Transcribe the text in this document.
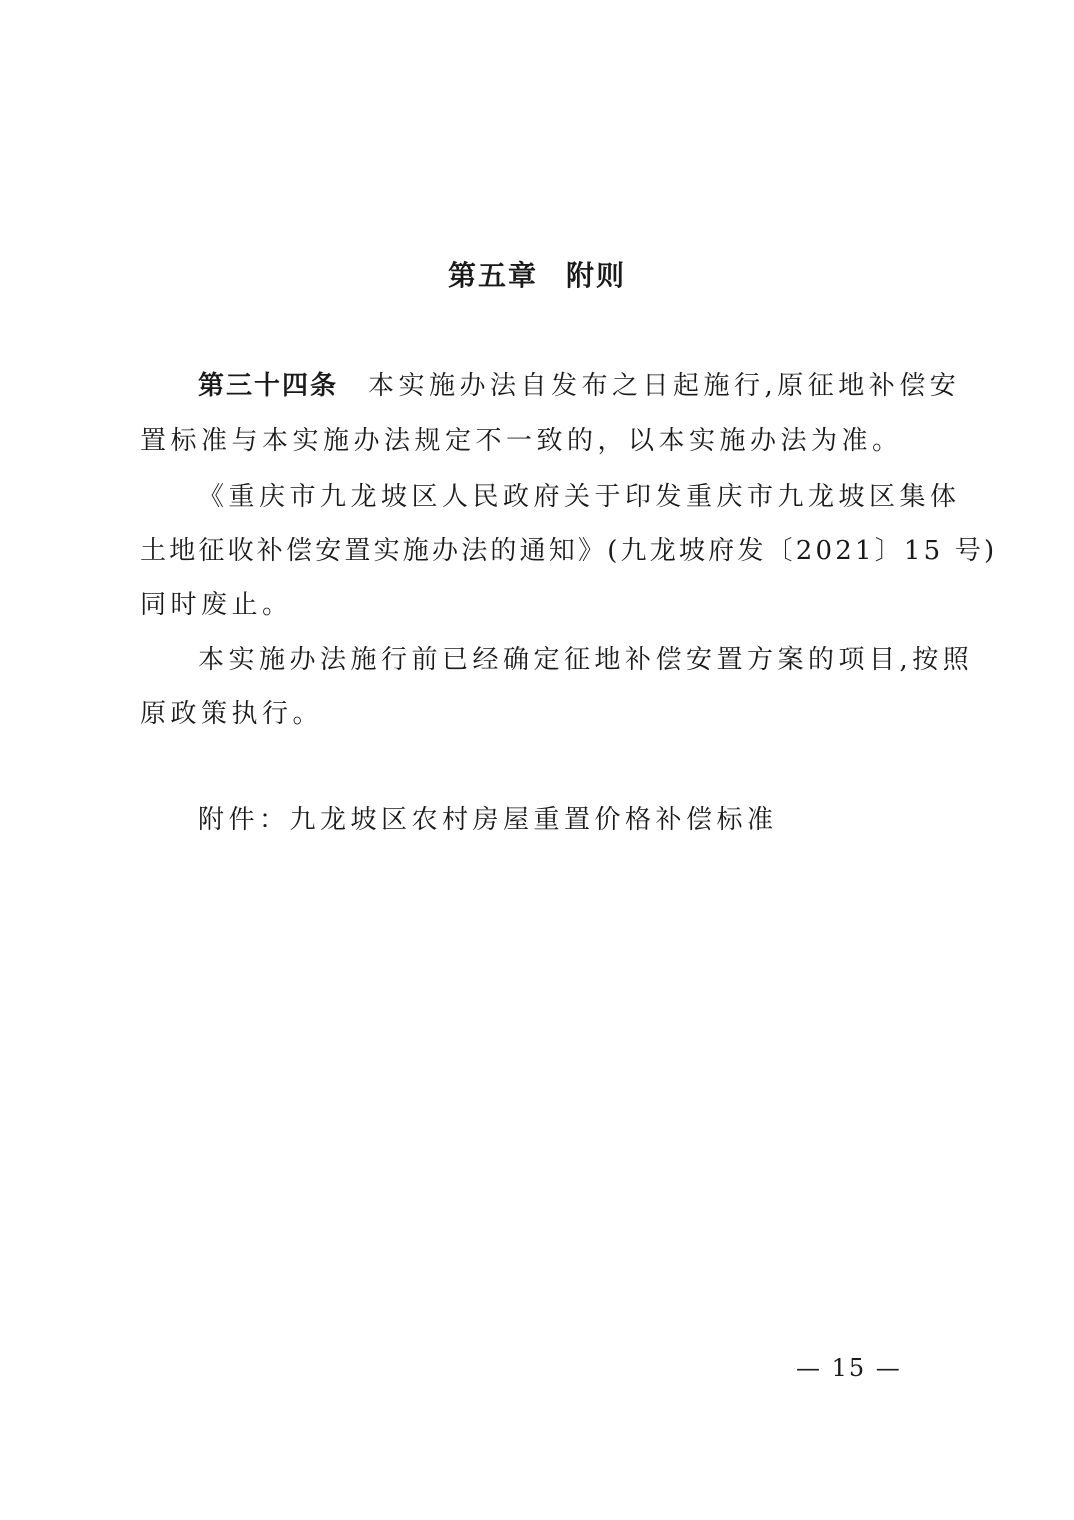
第五章 附则
第三十四条 本实施办法自发布之日起施行,原征地补偿安
置标准与本实施办法规定不一致的，以本实施办法为准。
《重庆市九龙坡区人民政府关于印发重庆市九龙坡区集体
土地征收补偿安置实施办法的通知》(九龙坡府发〔2021〕15 号)
同时废止。
本实施办法施行前已经确定征地补偿安置方案的项目,按照
原政策执行。
附件：九龙坡区农村房屋重置价格补偿标准
— 15 —
